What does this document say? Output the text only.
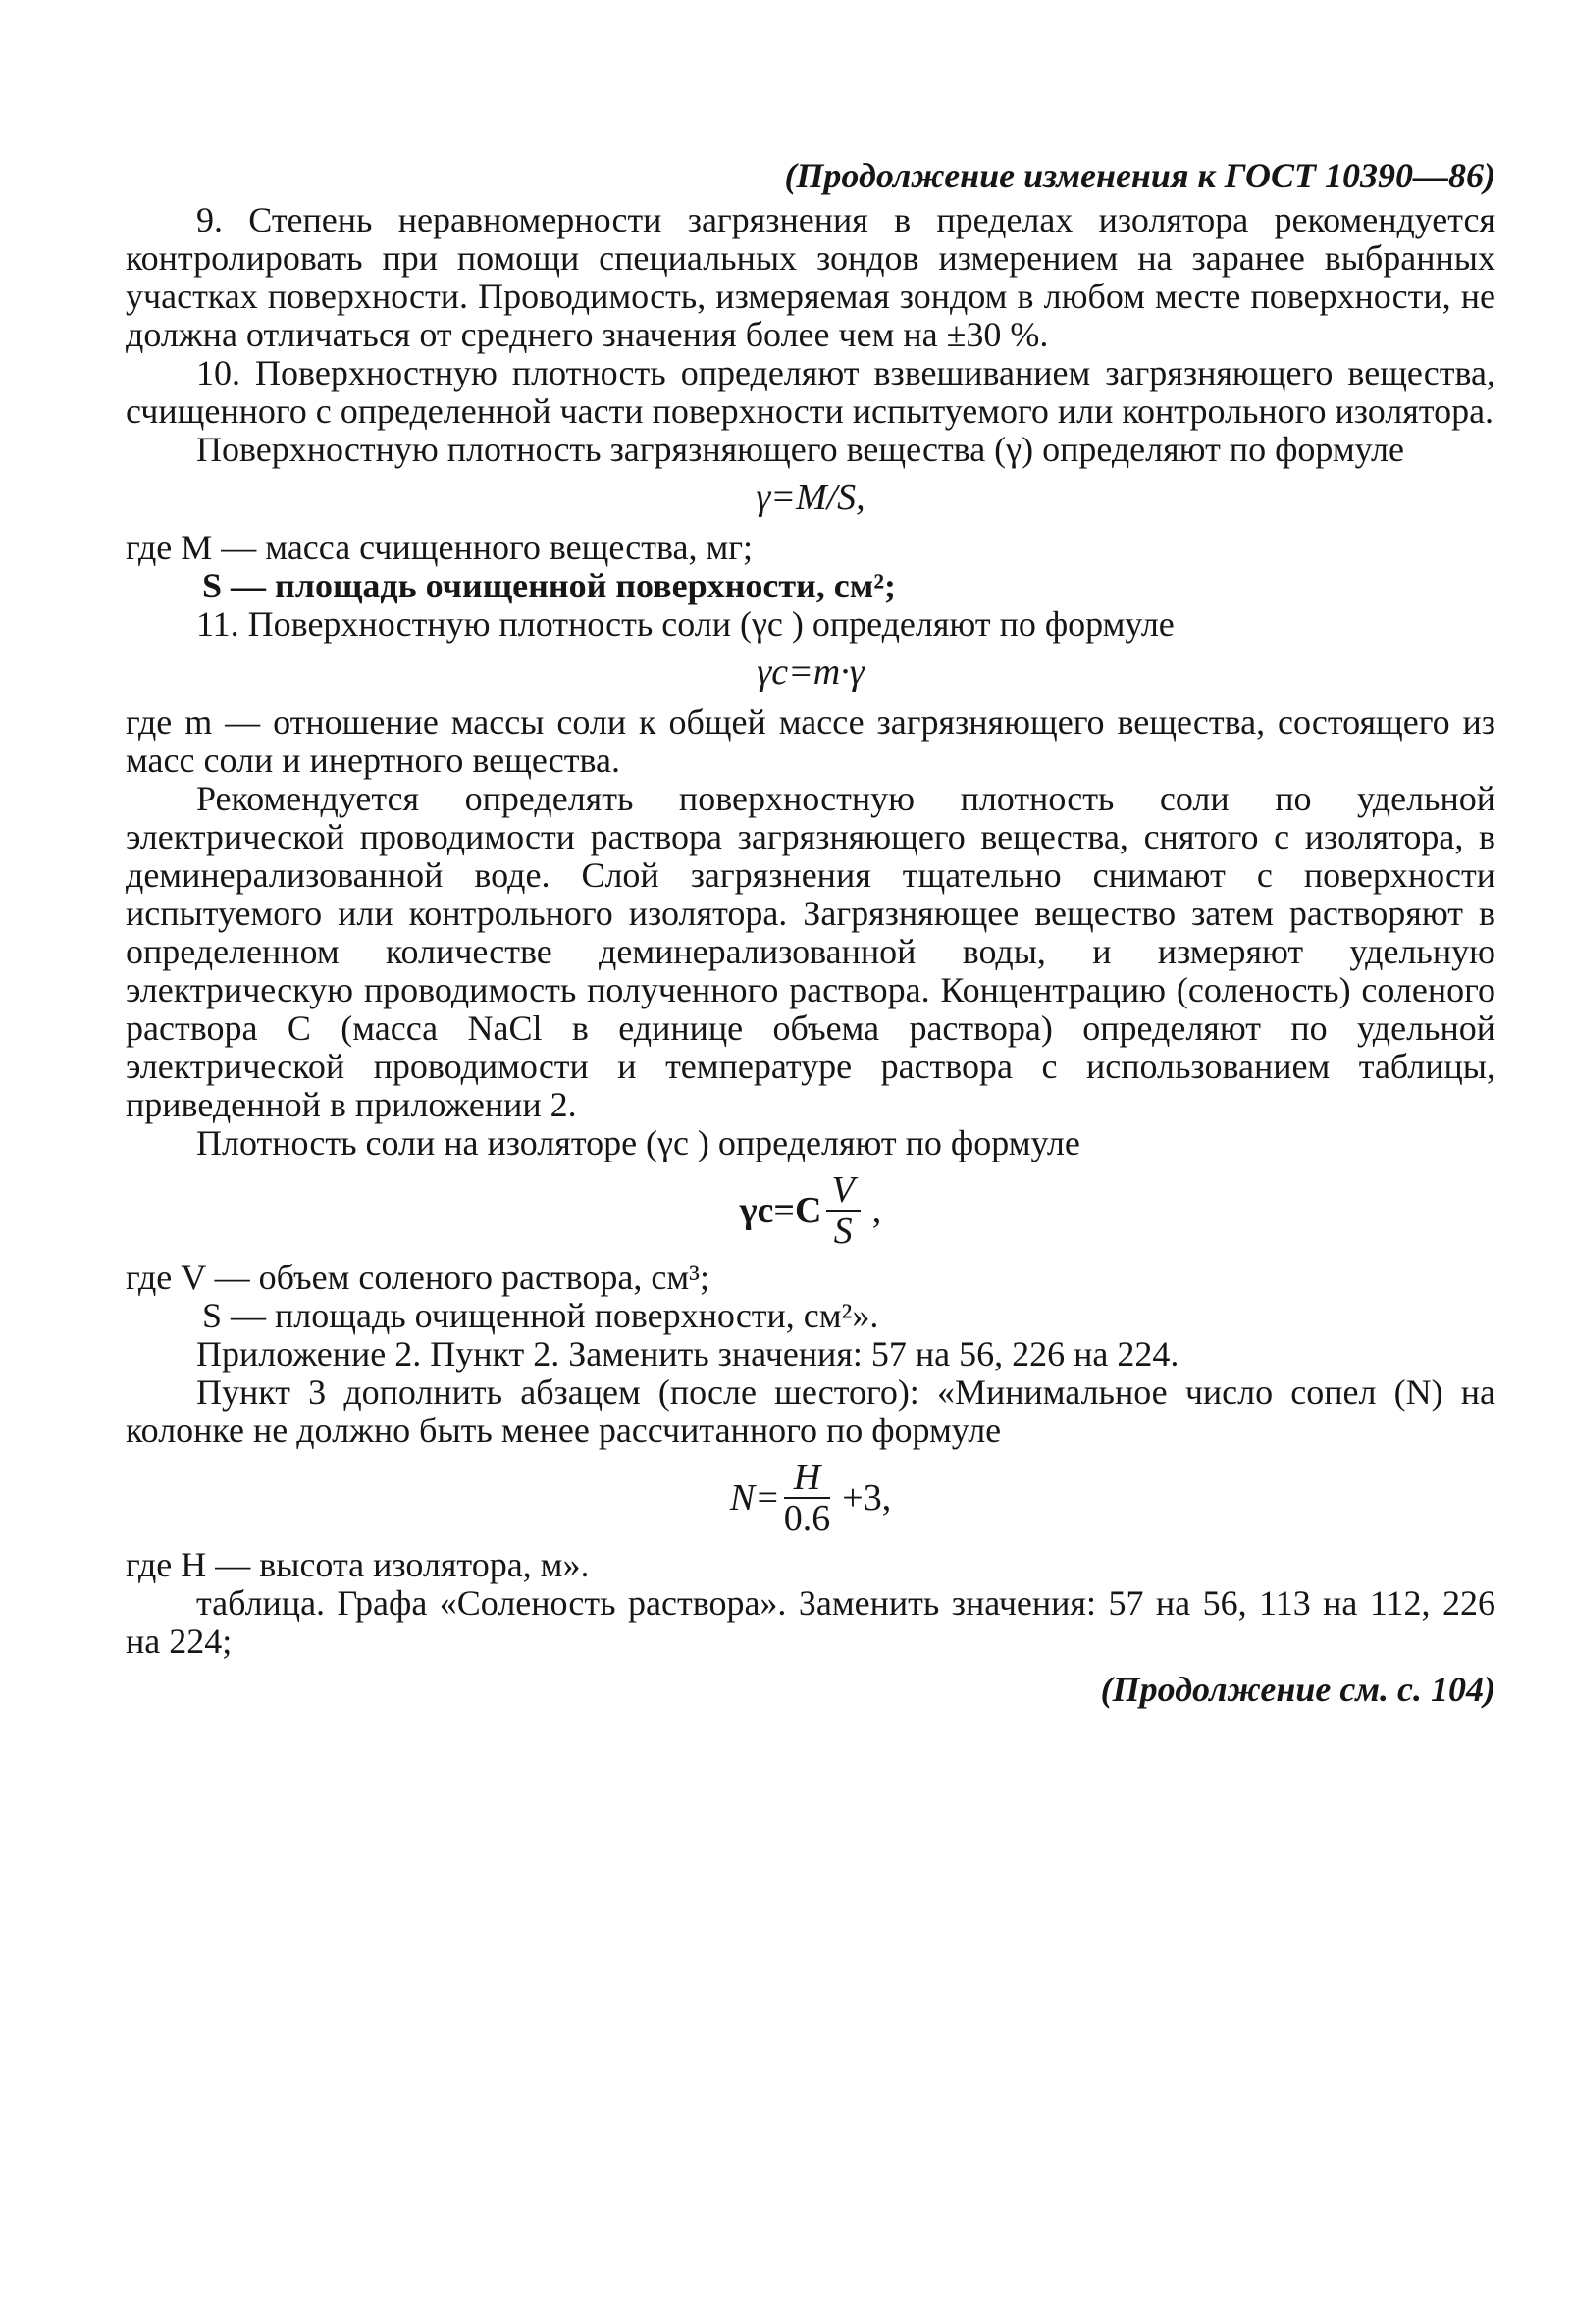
(Продолжение изменения к ГОСТ 10390—86)

9. Степень неравномерности загрязнения в пределах изолятора рекомендуется контролировать при помощи специальных зондов измерением на заранее выбранных участках поверхности. Проводимость, измеряемая зондом в любом месте поверхности, не должна отличаться от среднего значения более чем на ±30 %.

10. Поверхностную плотность определяют взвешиванием загрязняющего вещества, счищенного с определенной части поверхности испытуемого или контрольного изолятора.

Поверхностную плотность загрязняющего вещества (γ) определяют по формуле

γ=M/S,

где M — масса счищенного вещества, мг;

S — площадь очищенной поверхности, см²;

11. Поверхностную плотность соли (γc ) определяют по формуле

γc=m·γ

где m — отношение массы соли к общей массе загрязняющего вещества, состоящего из масс соли и инертного вещества.

Рекомендуется определять поверхностную плотность соли по удельной электрической проводимости раствора загрязняющего вещества, снятого с изолятора, в деминерализованной воде. Слой загрязнения тщательно снимают с поверхности испытуемого или контрольного изолятора. Загрязняющее вещество затем растворяют в определенном количестве деминерализованной воды, и измеряют удельную электрическую проводимость полученного раствора. Концентрацию (соленость) соленого раствора C (масса NaCl в единице объема раствора) определяют по удельной электрической проводимости и температуре раствора с использованием таблицы, приведенной в приложении 2.

Плотность соли на изоляторе (γc ) определяют по формуле

$\gamma c=C \frac{V}{S}$ ,

где V — объем соленого раствора, см³;

S — площадь очищенной поверхности, см²».

Приложение 2. Пункт 2. Заменить значения: 57 на 56, 226 на 224.

Пункт 3 дополнить абзацем (после шестого): «Минимальное число сопел (N) на колонке не должно быть менее рассчитанного по формуле

$N= \frac{H}{0.6} +3$,

где H — высота изолятора, м».

таблица. Графа «Соленость раствора». Заменить значения: 57 на 56, 113 на 112, 226 на 224;

(Продолжение см. с. 104)
